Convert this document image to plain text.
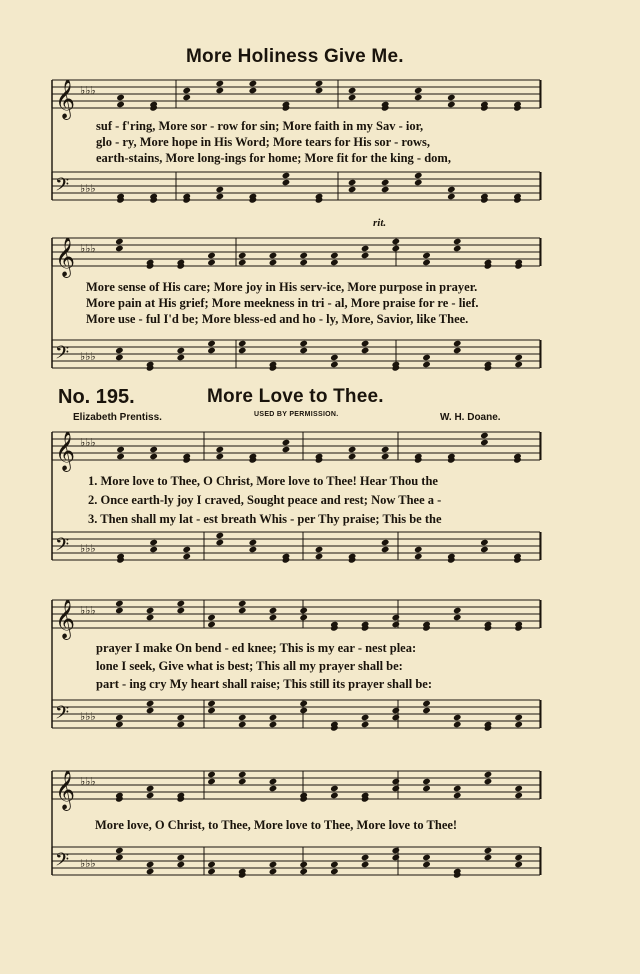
𝄞
𝄢
♭♭♭
♭♭♭
𝄞
𝄢
♭♭♭
♭♭♭
𝄞
𝄢
♭♭♭
♭♭♭
𝄞
𝄢
♭♭♭
♭♭♭
𝄞
𝄢
♭♭♭
♭♭♭
More Holiness Give Me.
suf - f'ring, More sor - row for sin; More faith in my Sav - ior,
glo - ry, More hope in His Word; More tears for His sor - rows,
earth-stains, More long-ings for home; More fit for the king - dom,
rit.
More sense of His care; More joy in His serv-ice, More purpose in prayer.
More pain at His grief; More meekness in tri - al, More praise for re - lief.
More use - ful I'd be; More bless-ed and ho - ly, More, Savior, like Thee.
No. 195.	More Love to Thee.
Elizabeth Prentiss.	USED BY PERMISSION.	W. H. Doane.
1. More love to Thee, O Christ, More love to Thee! Hear Thou the
2. Once earth-ly joy I craved, Sought peace and rest; Now Thee a -
3. Then shall my lat - est breath Whis - per Thy praise; This be the
prayer I make On bend - ed knee; This is my ear - nest plea:
lone I seek, Give what is best; This all my prayer shall be:
part - ing cry My heart shall raise; This still its prayer shall be:
More love, O Christ, to Thee, More love to Thee, More love to Thee!
